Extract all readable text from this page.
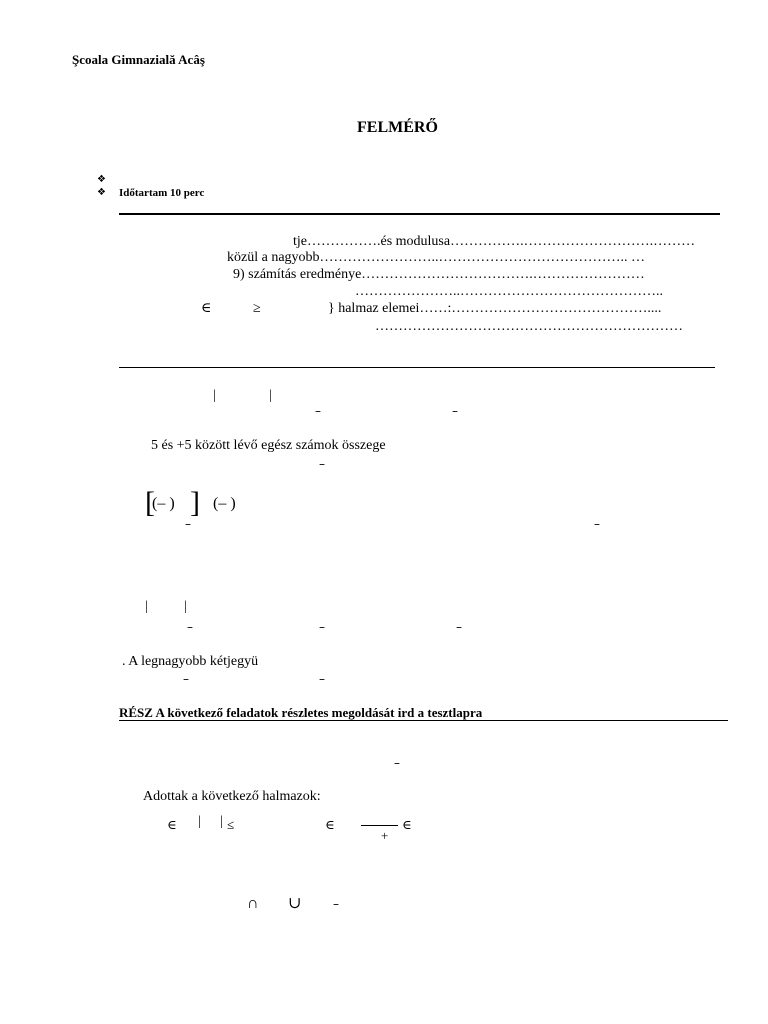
Şcoala Gimnazială Acâş
FELMÉRŐ
❖
❖ Időtartam 10 perc
tje…………….és modulusa…………….……………………….………
közül a nagyobb……………………..………………………………….. …
9) számítás eredménye……………………………….……………………
…………………..……………………………………..
∈	≥	} halmaz elemei……:……………………………………....
…………………………………………………………
|	|
–	–
5 és +5 között lévő egész számok összege
–
[
(– ) ] (– )
–	–
|	|
–	–	–
. A legnagyobb kétjegyü
–	–
RÉSZ A következő feladatok részletes megoldását ird a tesztlapra
–
Adottak a következő halmazok:
∈ | | ≤	∈	∈
+
∩ ∪	–
